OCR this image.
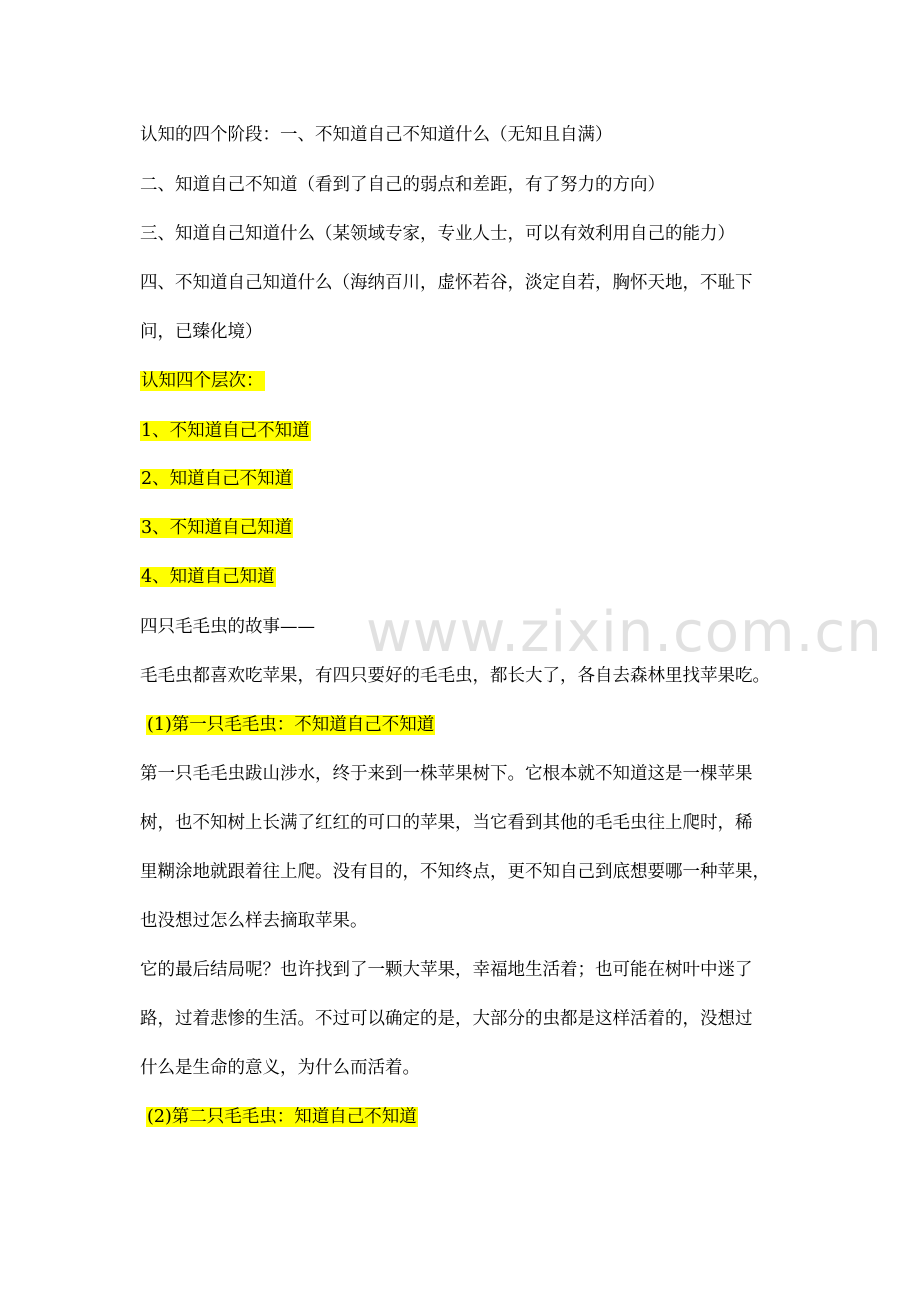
www.zixin.com.cn
认知的四个阶段：一、不知道自己不知道什么（无知且自满）
二、知道自己不知道（看到了自己的弱点和差距，有了努力的方向）
三、知道自己知道什么（某领域专家，专业人士，可以有效利用自己的能力）
四、不知道自己知道什么（海纳百川，虚怀若谷，淡定自若，胸怀天地，不耻下
问，已臻化境）
认知四个层次：
1、不知道自己不知道
2、知道自己不知道
3、不知道自己知道
4、知道自己知道
四只毛毛虫的故事——
毛毛虫都喜欢吃苹果，有四只要好的毛毛虫，都长大了，各自去森林里找苹果吃。
(1)第一只毛毛虫：不知道自己不知道
第一只毛毛虫跋山涉水，终于来到一株苹果树下。它根本就不知道这是一棵苹果
树，也不知树上长满了红红的可口的苹果，当它看到其他的毛毛虫往上爬时，稀
里糊涂地就跟着往上爬。没有目的，不知终点，更不知自己到底想要哪一种苹果，
也没想过怎么样去摘取苹果。
它的最后结局呢？也许找到了一颗大苹果，幸福地生活着；也可能在树叶中迷了
路，过着悲惨的生活。不过可以确定的是，大部分的虫都是这样活着的，没想过
什么是生命的意义，为什么而活着。
(2)第二只毛毛虫：知道自己不知道
